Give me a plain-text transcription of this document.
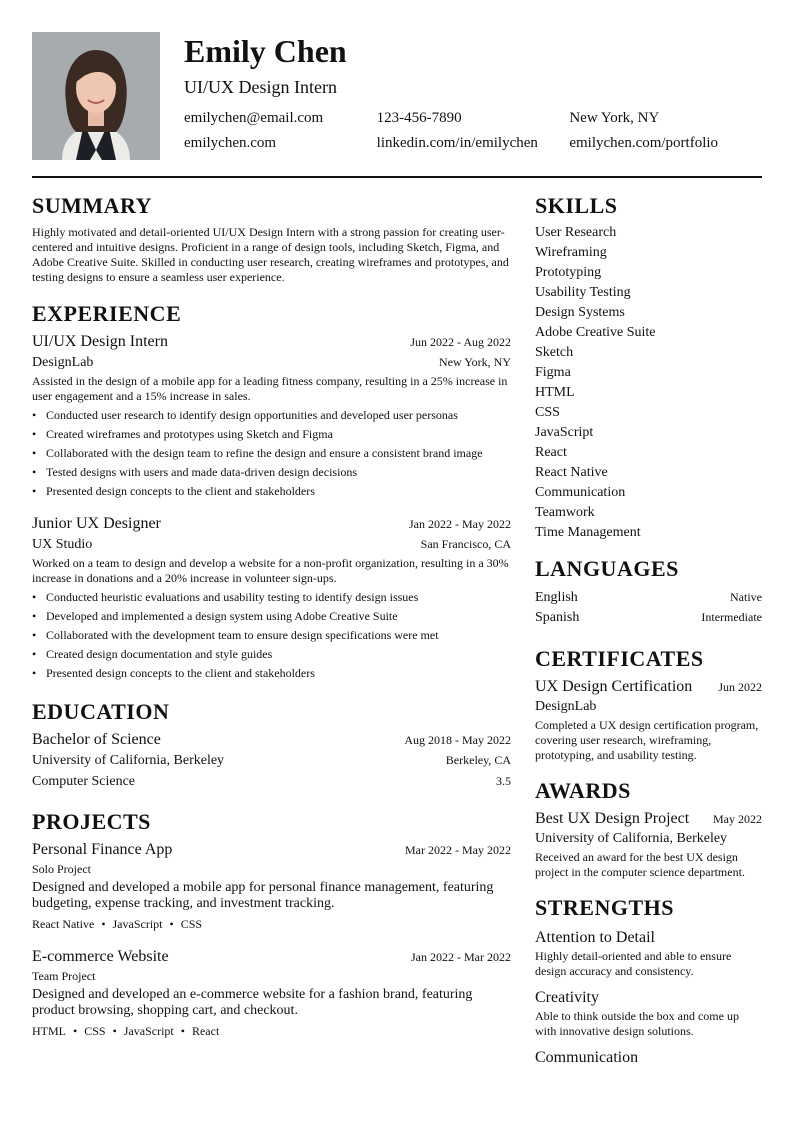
Emily Chen
UI/UX Design Intern
emilychen@email.com	123-456-7890	New York, NY
emilychen.com	linkedin.com/in/emilychen	emilychen.com/portfolio
SUMMARY
Highly motivated and detail-oriented UI/UX Design Intern with a strong passion for creating user-centered and intuitive designs. Proficient in a range of design tools, including Sketch, Figma, and Adobe Creative Suite. Skilled in conducting user research, creating wireframes and prototypes, and testing designs to ensure a seamless user experience.
EXPERIENCE
UI/UX Design Intern	Jun 2022 - Aug 2022
DesignLab	New York, NY
Assisted in the design of a mobile app for a leading fitness company, resulting in a 25% increase in user engagement and a 15% increase in sales.
• Conducted user research to identify design opportunities and developed user personas
• Created wireframes and prototypes using Sketch and Figma
• Collaborated with the design team to refine the design and ensure a consistent brand image
• Tested designs with users and made data-driven design decisions
• Presented design concepts to the client and stakeholders
Junior UX Designer	Jan 2022 - May 2022
UX Studio	San Francisco, CA
Worked on a team to design and develop a website for a non-profit organization, resulting in a 30% increase in donations and a 20% increase in volunteer sign-ups.
• Conducted heuristic evaluations and usability testing to identify design issues
• Developed and implemented a design system using Adobe Creative Suite
• Collaborated with the development team to ensure design specifications were met
• Created design documentation and style guides
• Presented design concepts to the client and stakeholders
EDUCATION
Bachelor of Science	Aug 2018 - May 2022
University of California, Berkeley	Berkeley, CA
Computer Science	3.5
PROJECTS
Personal Finance App	Mar 2022 - May 2022
Solo Project
Designed and developed a mobile app for personal finance management, featuring budgeting, expense tracking, and investment tracking.
React Native • JavaScript • CSS
E-commerce Website	Jan 2022 - Mar 2022
Team Project
Designed and developed an e-commerce website for a fashion brand, featuring product browsing, shopping cart, and checkout.
HTML • CSS • JavaScript • React
SKILLS
User Research
Wireframing
Prototyping
Usability Testing
Design Systems
Adobe Creative Suite
Sketch
Figma
HTML
CSS
JavaScript
React
React Native
Communication
Teamwork
Time Management
LANGUAGES
English	Native
Spanish	Intermediate
CERTIFICATES
UX Design Certification Jun 2022
DesignLab
Completed a UX design certification program, covering user research, wireframing, prototyping, and usability testing.
AWARDS
Best UX Design Project May 2022
University of California, Berkeley
Received an award for the best UX design project in the computer science department.
STRENGTHS
Attention to Detail
Highly detail-oriented and able to ensure design accuracy and consistency.
Creativity
Able to think outside the box and come up with innovative design solutions.
Communication
